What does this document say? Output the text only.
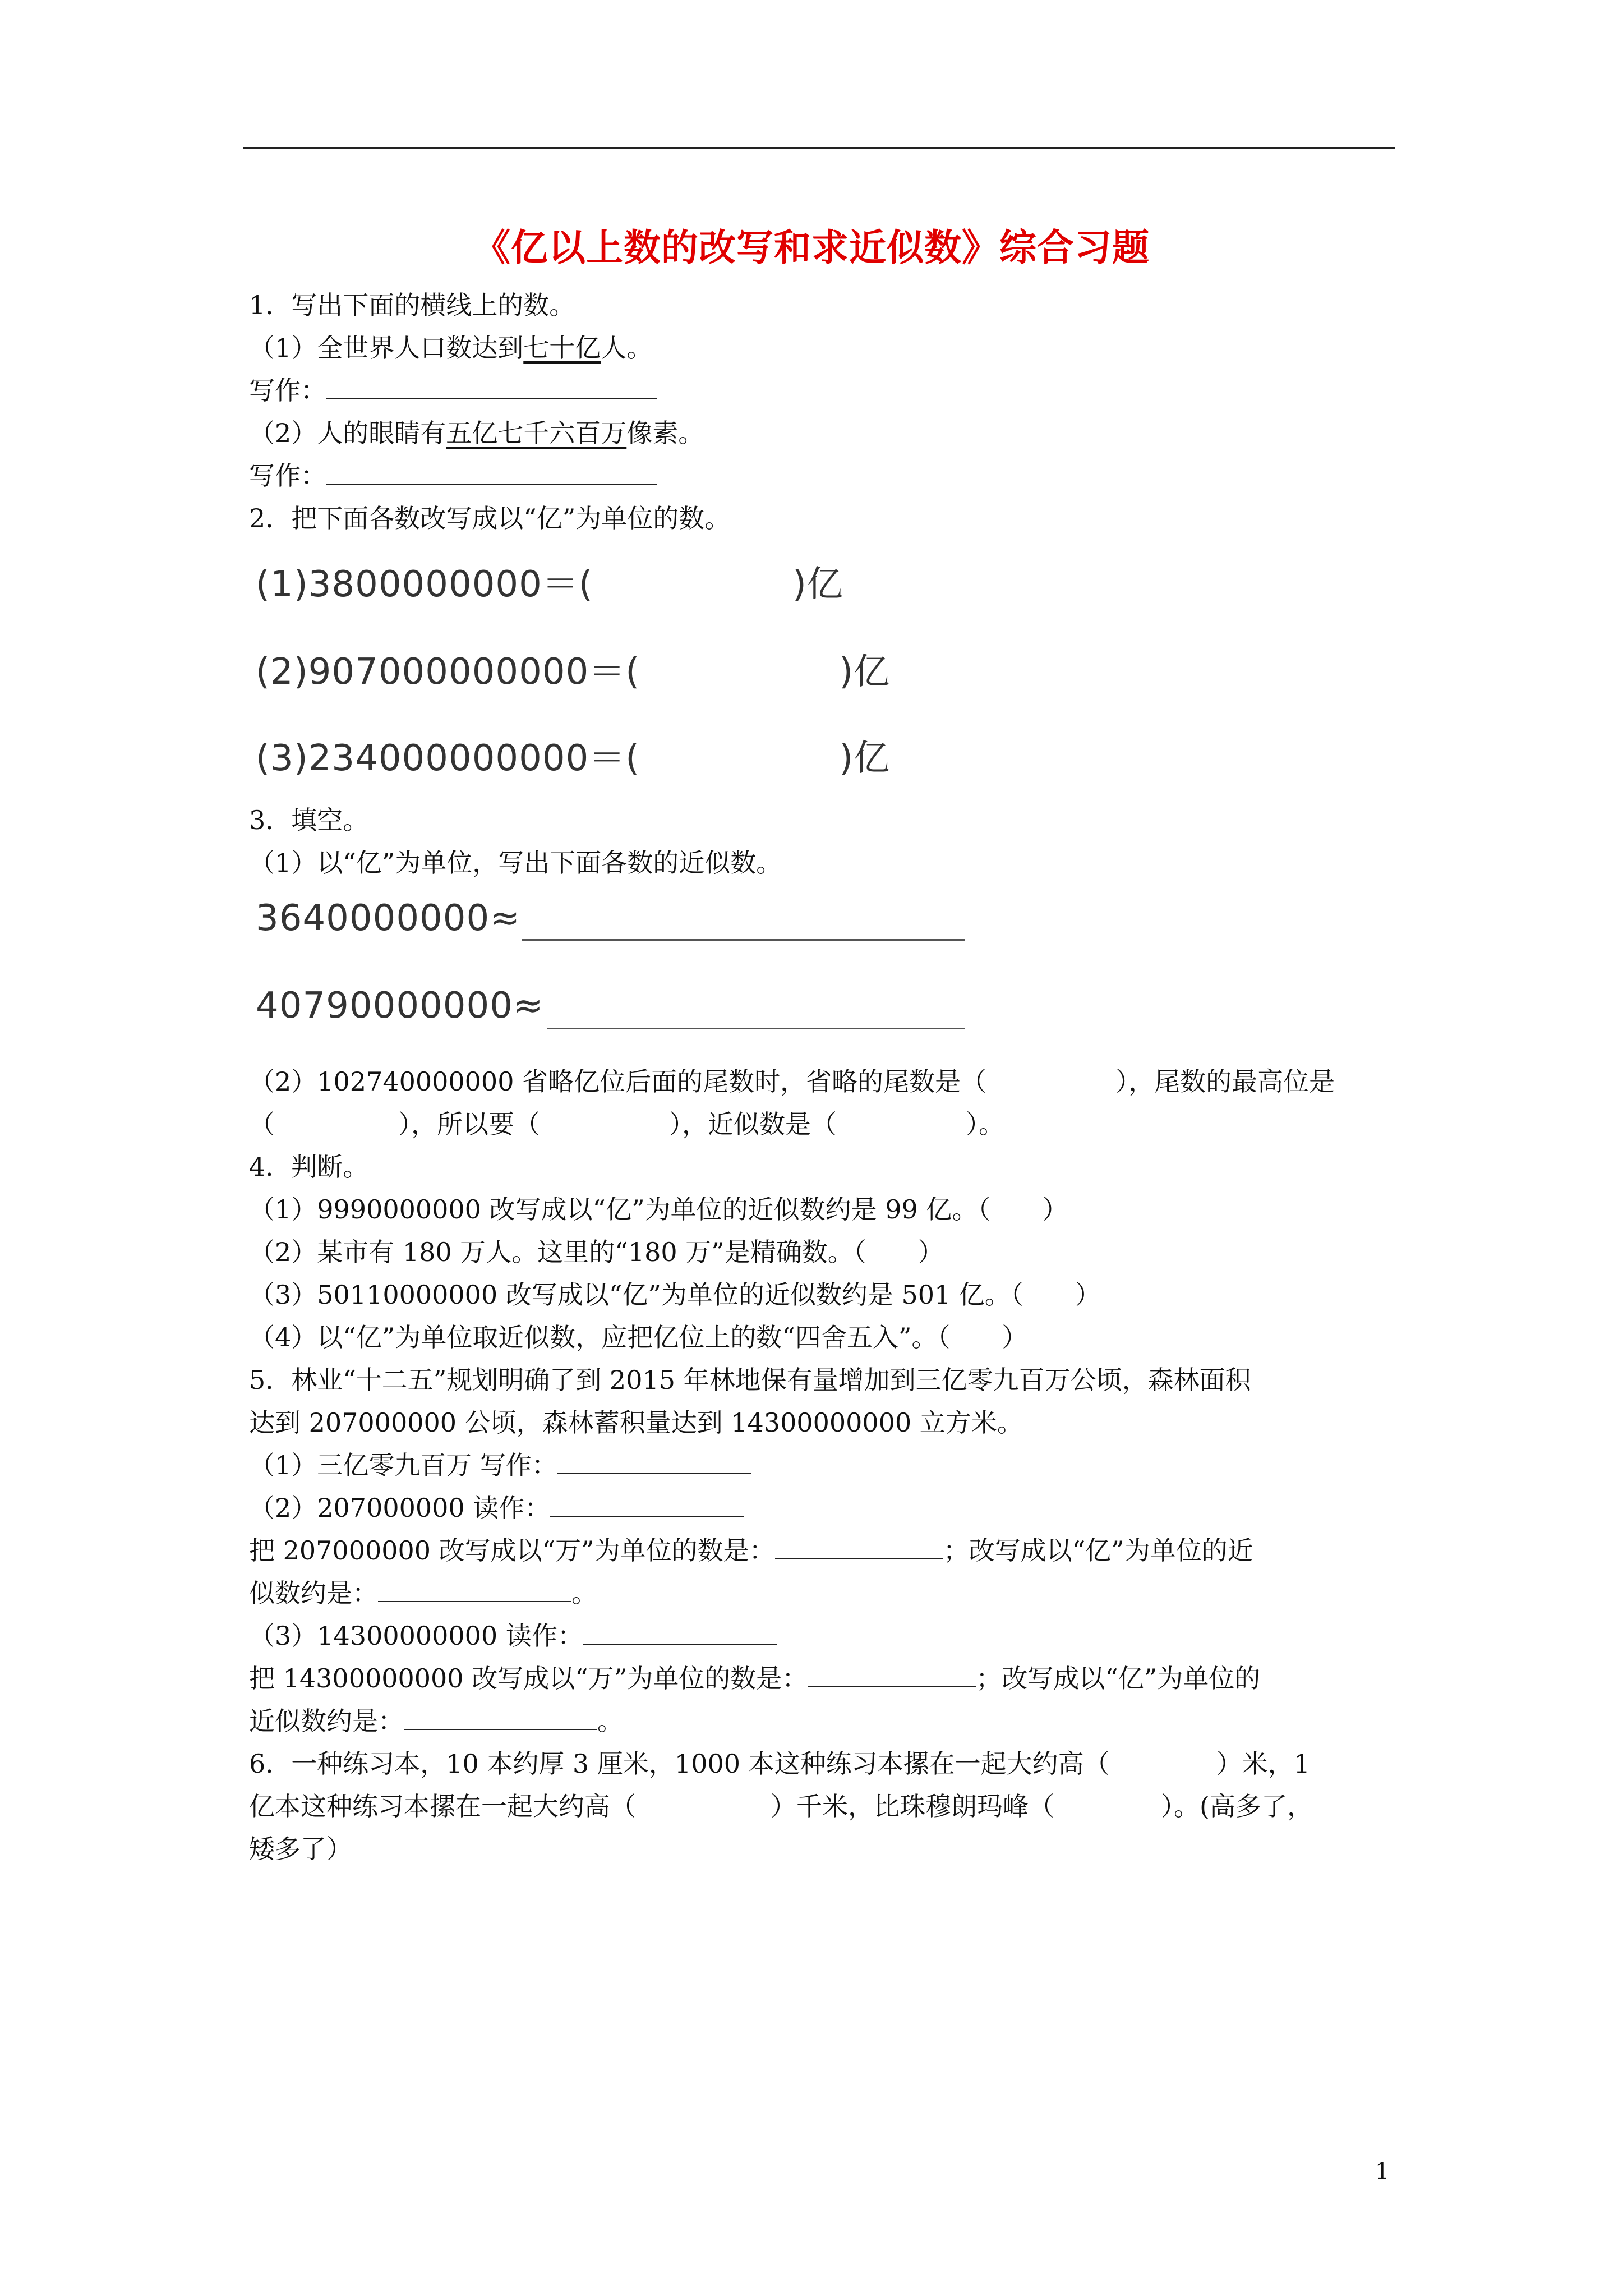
《亿以上数的改写和求近似数》综合习题
1．写出下面的横线上的数。
（1）全世界人口数达到七十亿人。
写作：
（2）人的眼睛有五亿七千六百万像素。
写作：
2．把下面各数改写成以“亿”为单位的数。
(1)3800000000＝(	)亿
(2)907000000000＝(	)亿
(3)234000000000＝(	)亿
3．填空。
（1）以“亿”为单位，写出下面各数的近似数。
3640000000≈
40790000000≈
（2）102740000000 省略亿位后面的尾数时，省略的尾数是（	），尾数的最高位是
（	），所以要（	），近似数是（	）。
4．判断。
（1）9990000000 改写成以“亿”为单位的近似数约是 99 亿。（　　）
（2）某市有 180 万人。这里的“180 万”是精确数。（　　）
（3）50110000000 改写成以“亿”为单位的近似数约是 501 亿。（　　）
（4）以“亿”为单位取近似数，应把亿位上的数“四舍五入”。（　　）
5．林业“十二五”规划明确了到 2015 年林地保有量增加到三亿零九百万公顷，森林面积
达到 207000000 公顷，森林蓄积量达到 14300000000 立方米。
（1）三亿零九百万 写作：
（2）207000000 读作：
把 207000000 改写成以“万”为单位的数是：	；改写成以“亿”为单位的近
似数约是：	。
（3）14300000000 读作：
把 14300000000 改写成以“万”为单位的数是：	；改写成以“亿”为单位的
近似数约是：	。
6．一种练习本，10 本约厚 3 厘米，1000 本这种练习本摞在一起大约高（	）米，1
亿本这种练习本摞在一起大约高（	）千米，比珠穆朗玛峰（	）。(高多了，
矮多了）
1
